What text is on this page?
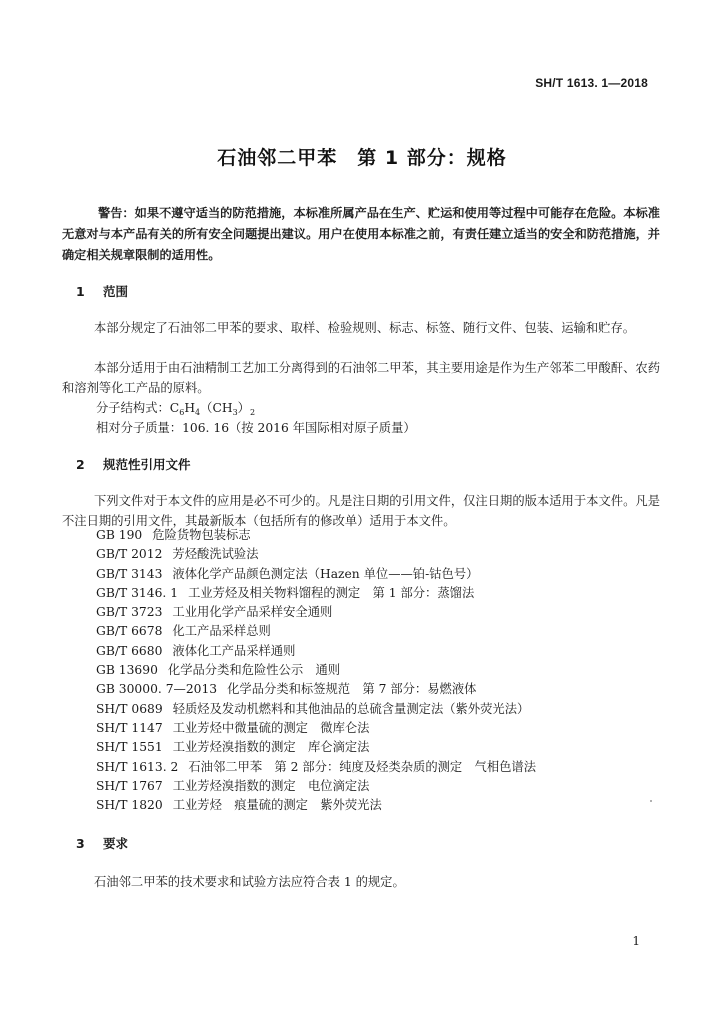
SH/T 1613. 1—2018
石油邻二甲苯　第 1 部分：规格
警告：如果不遵守适当的防范措施，本标准所属产品在生产、贮运和使用等过程中可能存在危险。本标准无意对与本产品有关的所有安全问题提出建议。用户在使用本标准之前，有责任建立适当的安全和防范措施，并确定相关规章限制的适用性。
1 范围
本部分规定了石油邻二甲苯的要求、取样、检验规则、标志、标签、随行文件、包装、运输和贮存。
本部分适用于由石油精制工艺加工分离得到的石油邻二甲苯，其主要用途是作为生产邻苯二甲酸酐、农药和溶剂等化工产品的原料。
分子结构式：$C_6H_4(CH_3)_2$
相对分子质量：106. 16（按 2016 年国际相对原子质量）
2 规范性引用文件
下列文件对于本文件的应用是必不可少的。凡是注日期的引用文件，仅注日期的版本适用于本文件。凡是不注日期的引用文件，其最新版本（包括所有的修改单）适用于本文件。
GB 190 危险货物包装标志
GB/T 2012 芳烃酸洗试验法
GB/T 3143 液体化学产品颜色测定法（Hazen 单位——铂-钴色号）
GB/T 3146. 1 工业芳烃及相关物料馏程的测定　第 1 部分：蒸馏法
GB/T 3723 工业用化学产品采样安全通则
GB/T 6678 化工产品采样总则
GB/T 6680 液体化工产品采样通则
GB 13690 化学品分类和危险性公示　通则
GB 30000. 7—2013 化学品分类和标签规范　第 7 部分：易燃液体
SH/T 0689 轻质烃及发动机燃料和其他油品的总硫含量测定法（紫外荧光法）
SH/T 1147 工业芳烃中微量硫的测定　微库仑法
SH/T 1551 工业芳烃溴指数的测定　库仑滴定法
SH/T 1613. 2 石油邻二甲苯　第 2 部分：纯度及烃类杂质的测定　气相色谱法
SH/T 1767 工业芳烃溴指数的测定　电位滴定法
SH/T 1820 工业芳烃　痕量硫的测定　紫外荧光法
3 要求
石油邻二甲苯的技术要求和试验方法应符合表 1 的规定。
1
